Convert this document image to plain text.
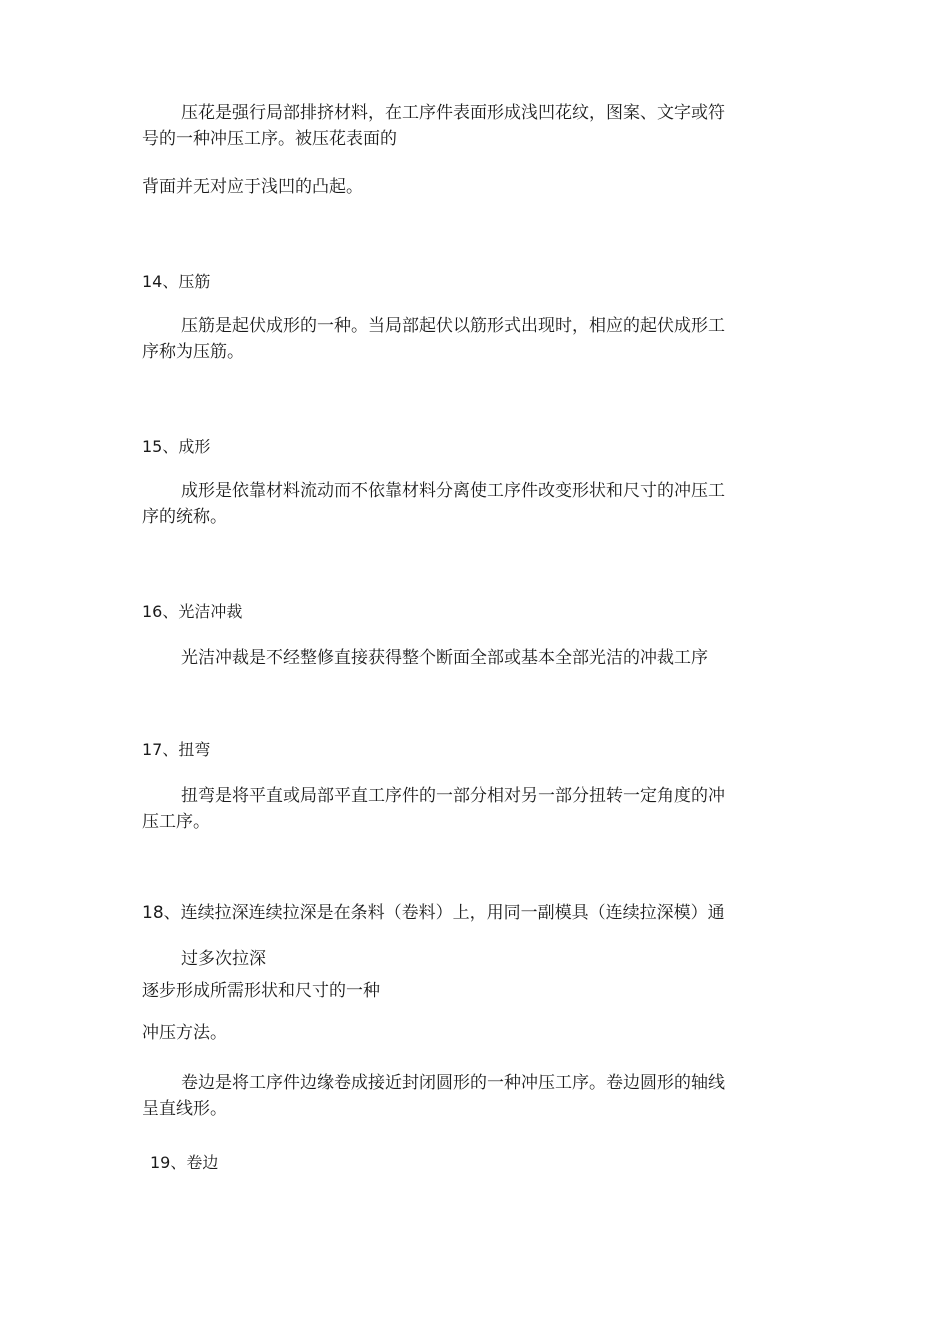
压花是强行局部排挤材料，在工序件表面形成浅凹花纹，图案、文字或符
号的一种冲压工序。被压花表面的
背面并无对应于浅凹的凸起。
14、压筋
压筋是起伏成形的一种。当局部起伏以筋形式出现时，相应的起伏成形工
序称为压筋。
15、成形
成形是依靠材料流动而不依靠材料分离使工序件改变形状和尺寸的冲压工
序的统称。
16、光洁冲裁
光洁冲裁是不经整修直接获得整个断面全部或基本全部光洁的冲裁工序
17、扭弯
扭弯是将平直或局部平直工序件的一部分相对另一部分扭转一定角度的冲
压工序。
18、连续拉深连续拉深是在条料（卷料）上，用同一副模具（连续拉深模）通
过多次拉深
逐步形成所需形状和尺寸的一种
冲压方法。
卷边是将工序件边缘卷成接近封闭圆形的一种冲压工序。卷边圆形的轴线
呈直线形。
19、卷边
